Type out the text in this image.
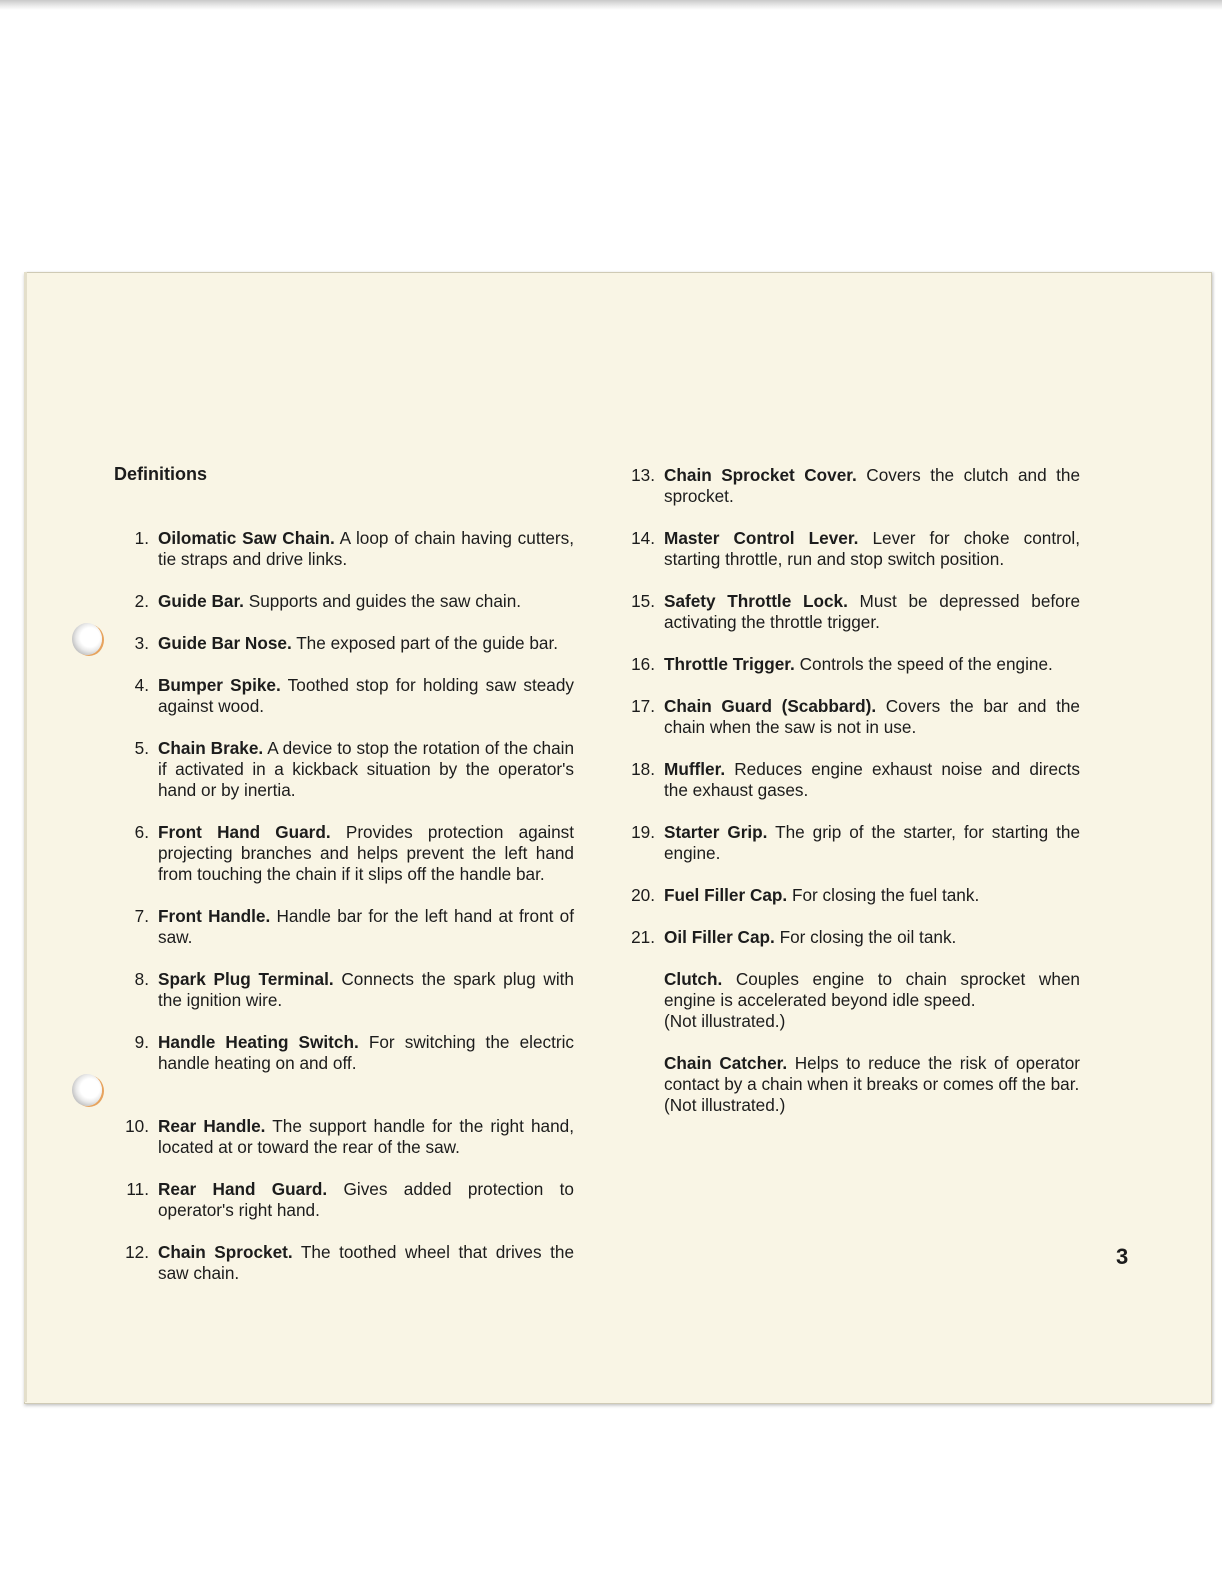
Definitions
1. Oilomatic Saw Chain. A loop of chain having cutters, tie straps and drive links.
2. Guide Bar. Supports and guides the saw chain.
3. Guide Bar Nose. The exposed part of the guide bar.
4. Bumper Spike. Toothed stop for holding saw steady against wood.
5. Chain Brake. A device to stop the rotation of the chain if activated in a kickback situation by the operator's hand or by inertia.
6. Front Hand Guard. Provides protection against projecting branches and helps prevent the left hand from touching the chain if it slips off the handle bar.
7. Front Handle. Handle bar for the left hand at front of saw.
8. Spark Plug Terminal. Connects the spark plug with the ignition wire.
9. Handle Heating Switch. For switching the electric handle heating on and off.
10. Rear Handle. The support handle for the right hand, located at or toward the rear of the saw.
11. Rear Hand Guard. Gives added protection to operator's right hand.
12. Chain Sprocket. The toothed wheel that drives the saw chain.
13. Chain Sprocket Cover. Covers the clutch and the sprocket.
14. Master Control Lever. Lever for choke control, starting throttle, run and stop switch position.
15. Safety Throttle Lock. Must be depressed before activating the throttle trigger.
16. Throttle Trigger. Controls the speed of the engine.
17. Chain Guard (Scabbard). Covers the bar and the chain when the saw is not in use.
18. Muffler. Reduces engine exhaust noise and directs the exhaust gases.
19. Starter Grip. The grip of the starter, for starting the engine.
20. Fuel Filler Cap. For closing the fuel tank.
21. Oil Filler Cap. For closing the oil tank.
Clutch. Couples engine to chain sprocket when engine is accelerated beyond idle speed.
(Not illustrated.)
Chain Catcher. Helps to reduce the risk of operator contact by a chain when it breaks or comes off the bar.
(Not illustrated.)
3
